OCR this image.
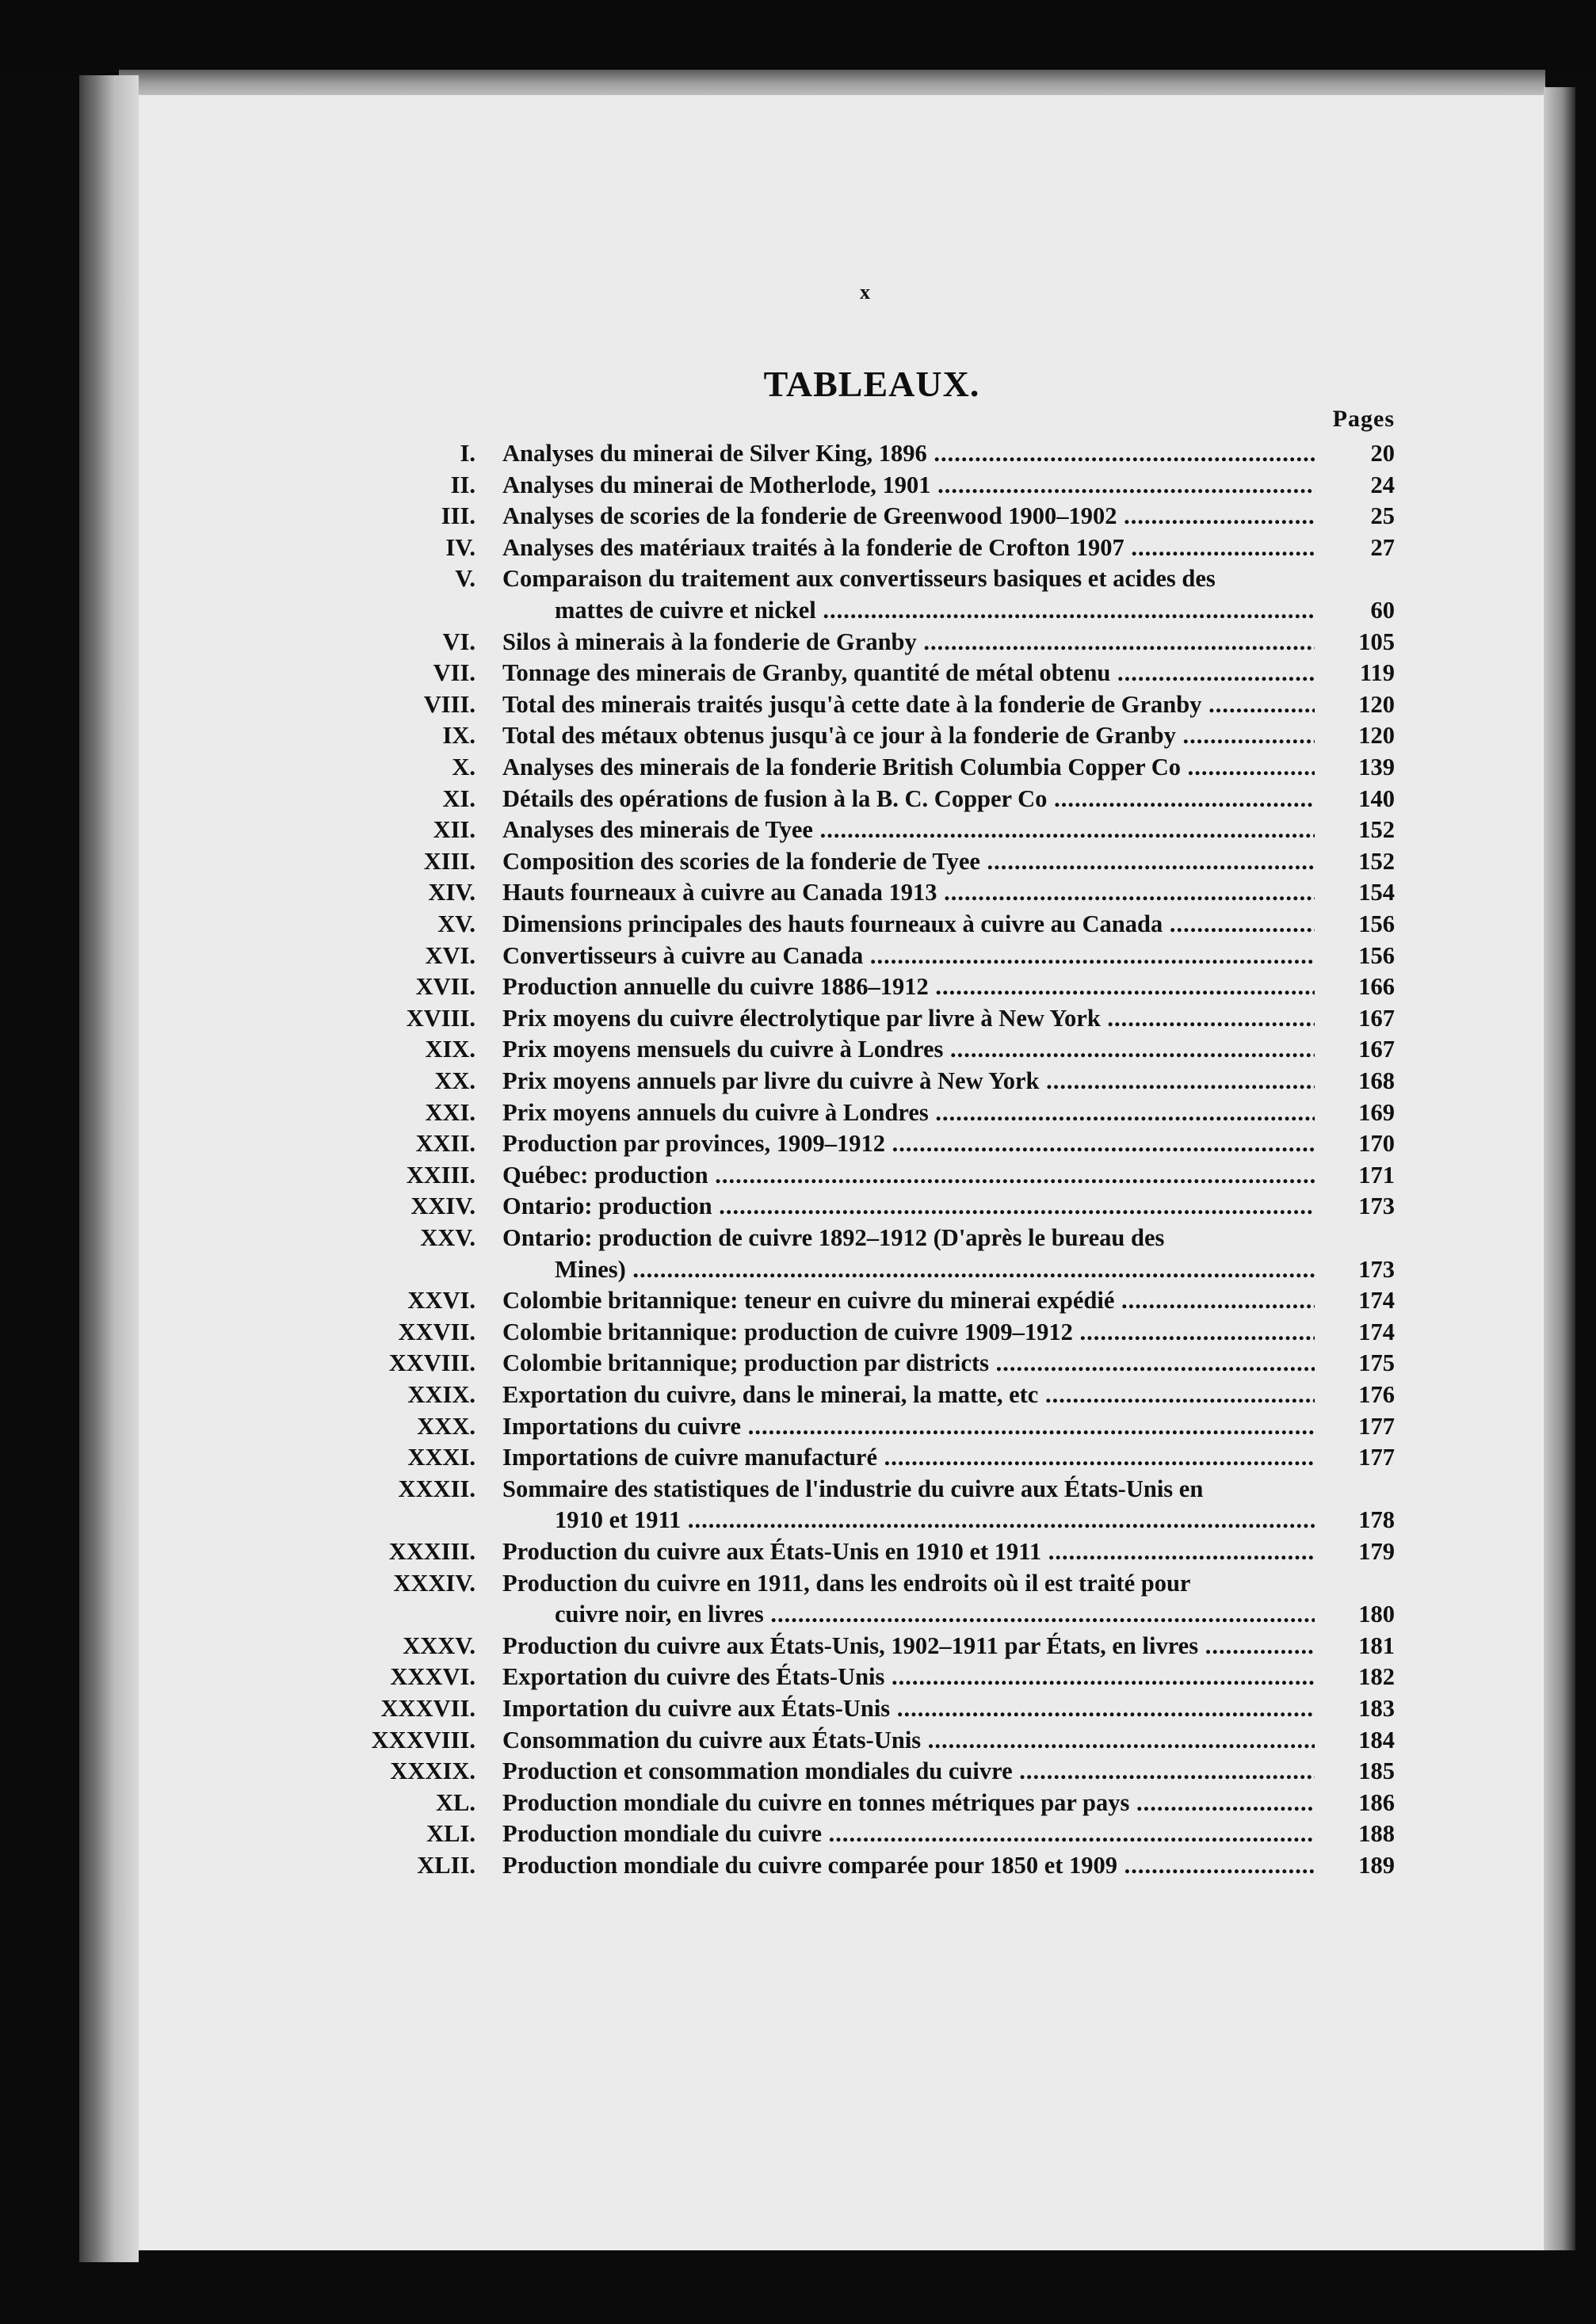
x
TABLEAUX.
Pages
I. Analyses du minerai de Silver King, 1896 .....	20
II. Analyses du minerai de Motherlode, 1901 .....	24
III. Analyses de scories de la fonderie de Greenwood 1900–1902 .....	25
IV. Analyses des matériaux traités à la fonderie de Crofton 1907 .....	27
V. Comparaison du traitement aux convertisseurs basiques et acides des
mattes de cuivre et nickel .....	60
VI. Silos à minerais à la fonderie de Granby .....	105
VII. Tonnage des minerais de Granby, quantité de métal obtenu .....	119
VIII. Total des minerais traités jusqu'à cette date à la fonderie de Granby .....	120
IX. Total des métaux obtenus jusqu'à ce jour à la fonderie de Granby .....	120
X. Analyses des minerais de la fonderie British Columbia Copper Co .....	139
XI. Détails des opérations de fusion à la B. C. Copper Co .....	140
XII. Analyses des minerais de Tyee .....	152
XIII. Composition des scories de la fonderie de Tyee .....	152
XIV. Hauts fourneaux à cuivre au Canada 1913 .....	154
XV. Dimensions principales des hauts fourneaux à cuivre au Canada .....	156
XVI. Convertisseurs à cuivre au Canada .....	156
XVII. Production annuelle du cuivre 1886–1912 .....	166
XVIII. Prix moyens du cuivre électrolytique par livre à New York .....	167
XIX. Prix moyens mensuels du cuivre à Londres .....	167
XX. Prix moyens annuels par livre du cuivre à New York .....	168
XXI. Prix moyens annuels du cuivre à Londres .....	169
XXII. Production par provinces, 1909–1912 .....	170
XXIII. Québec: production .....	171
XXIV. Ontario: production .....	173
XXV. Ontario: production de cuivre 1892–1912 (D'après le bureau des
Mines) .....	173
XXVI. Colombie britannique: teneur en cuivre du minerai expédié .....	174
XXVII. Colombie britannique: production de cuivre 1909–1912 .....	174
XXVIII. Colombie britannique; production par districts .....	175
XXIX. Exportation du cuivre, dans le minerai, la matte, etc .....	176
XXX. Importations du cuivre .....	177
XXXI. Importations de cuivre manufacturé .....	177
XXXII. Sommaire des statistiques de l'industrie du cuivre aux États-Unis en
1910 et 1911 .....	178
XXXIII. Production du cuivre aux États-Unis en 1910 et 1911 .....	179
XXXIV. Production du cuivre en 1911, dans les endroits où il est traité pour
cuivre noir, en livres .....	180
XXXV. Production du cuivre aux États-Unis, 1902–1911 par États, en livres .....	181
XXXVI. Exportation du cuivre des États-Unis .....	182
XXXVII. Importation du cuivre aux États-Unis .....	183
XXXVIII. Consommation du cuivre aux États-Unis .....	184
XXXIX. Production et consommation mondiales du cuivre .....	185
XL. Production mondiale du cuivre en tonnes métriques par pays .....	186
XLI. Production mondiale du cuivre .....	188
XLII. Production mondiale du cuivre comparée pour 1850 et 1909 .....	189
